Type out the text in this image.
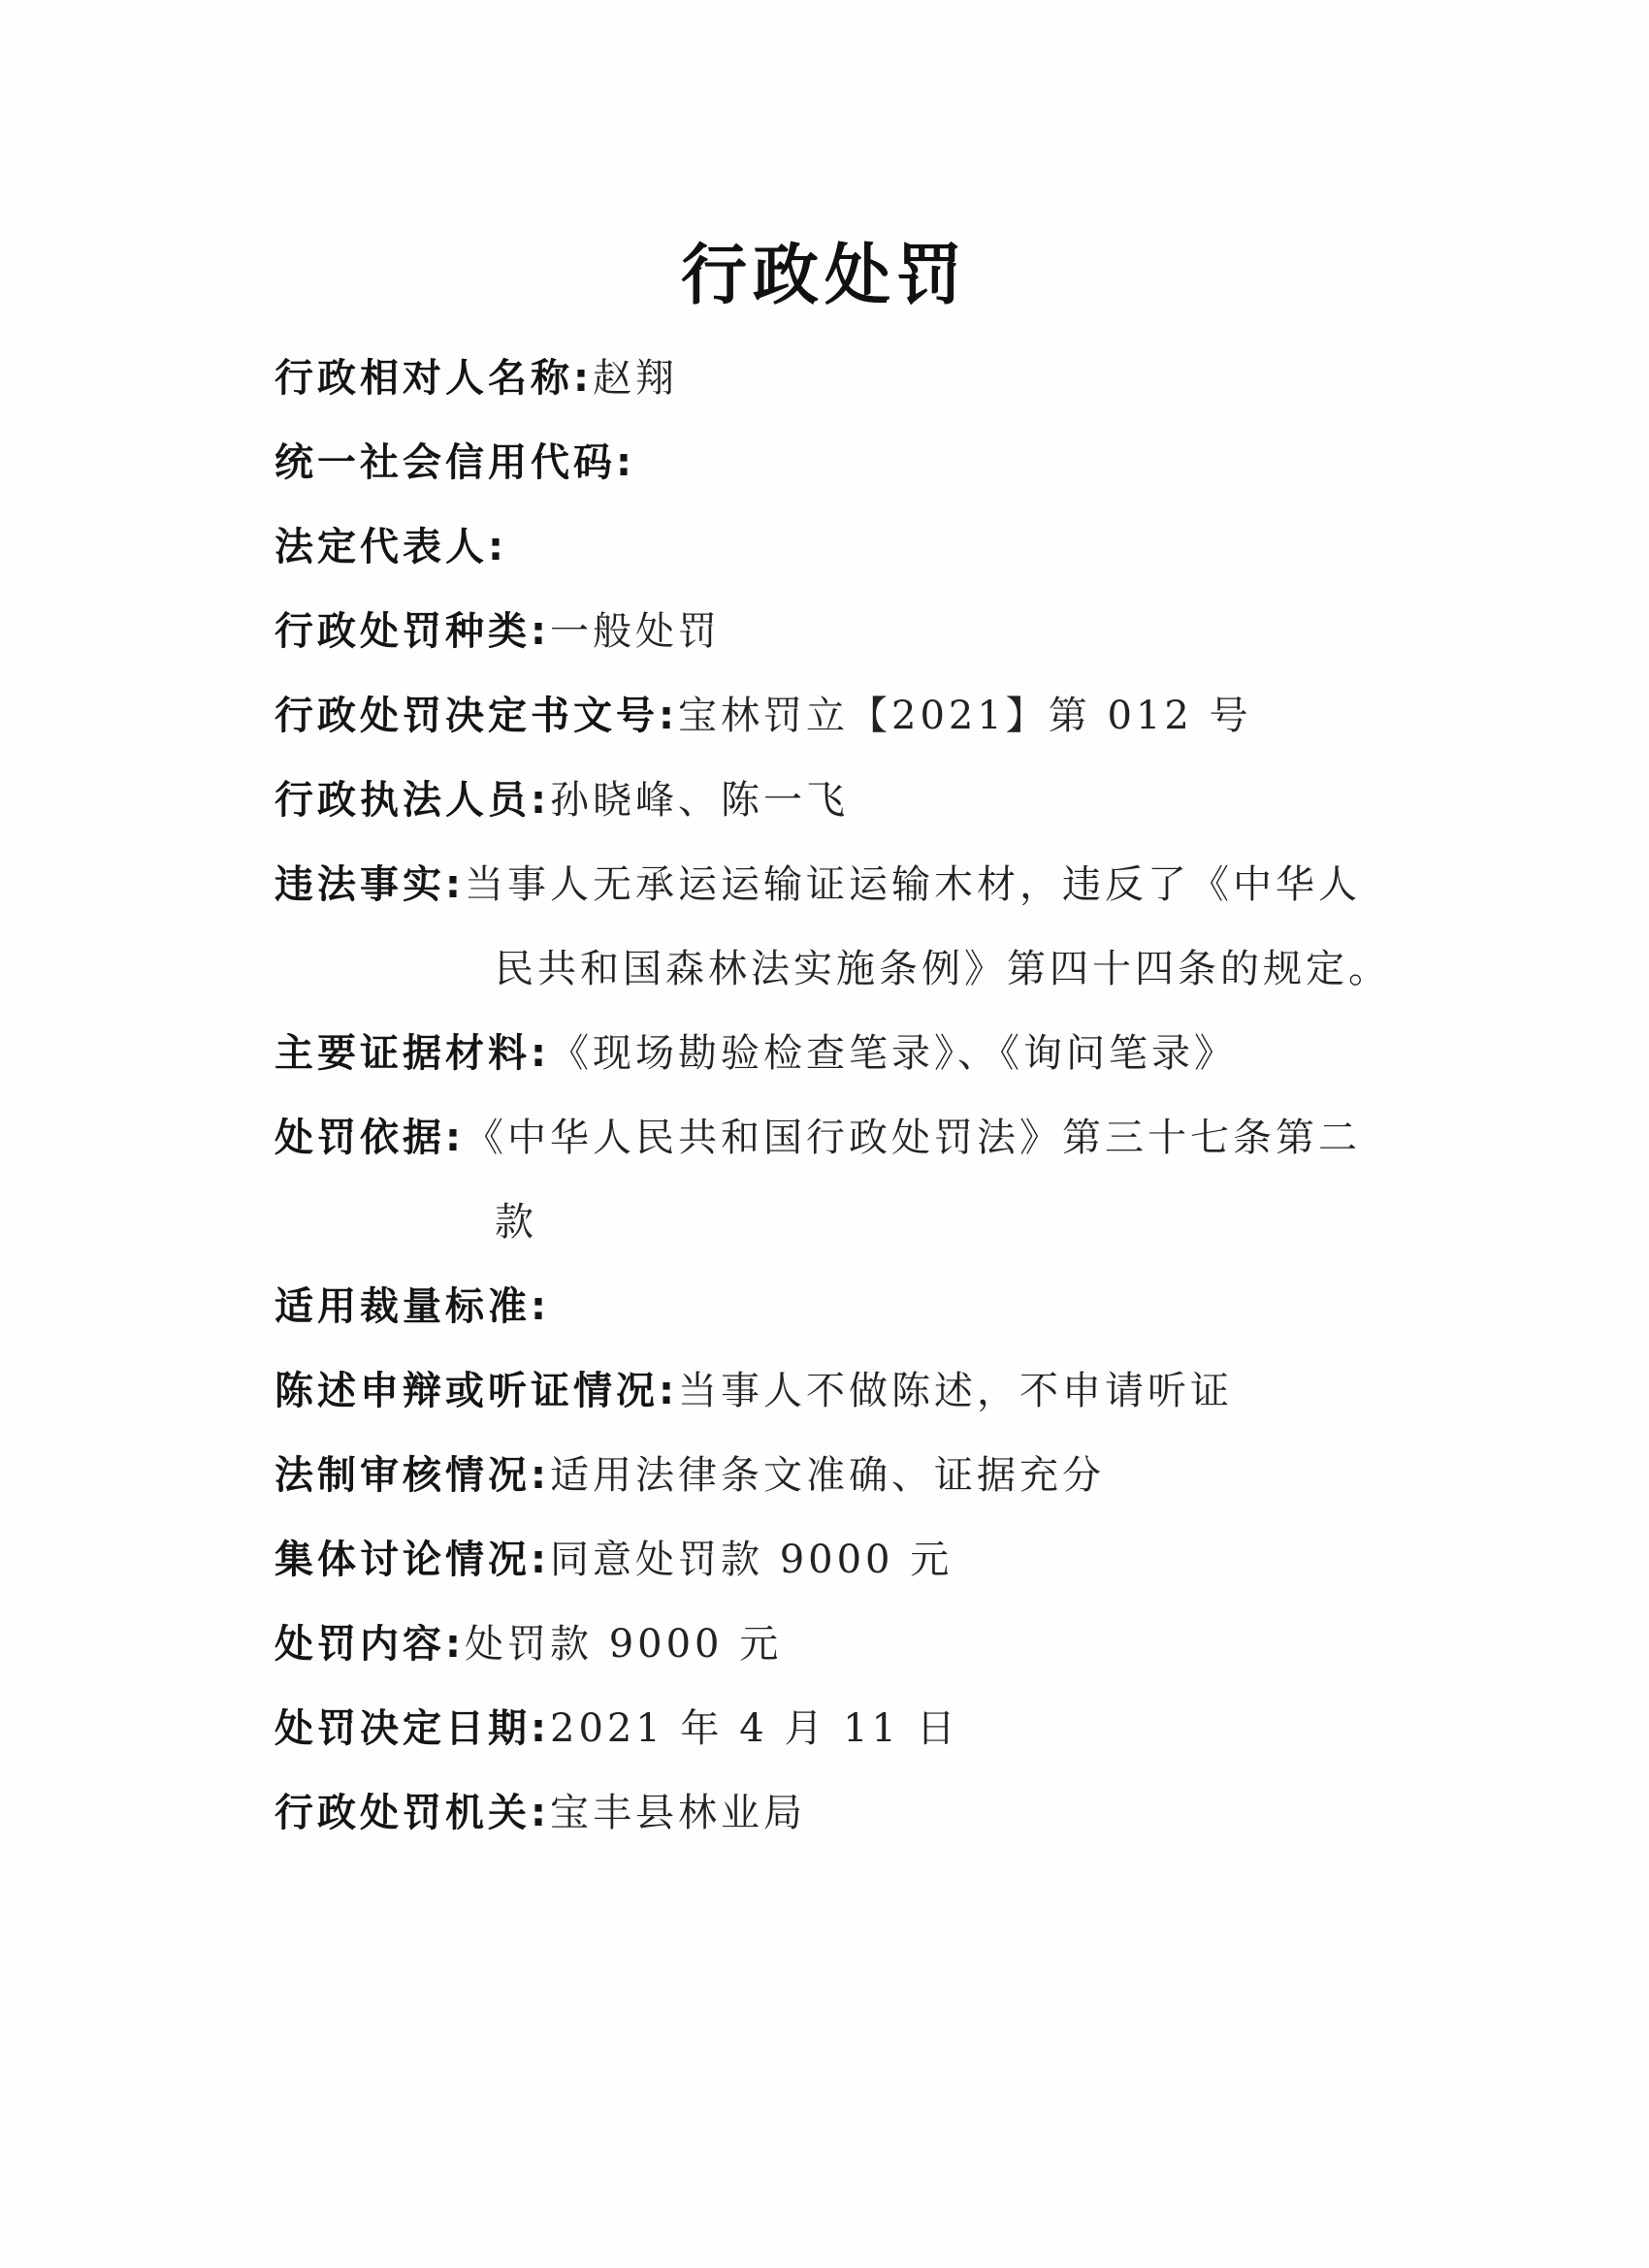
行政处罚
行政相对人名称:赵翔
统一社会信用代码:
法定代表人:
行政处罚种类:一般处罚
行政处罚决定书文号:宝林罚立【2021】第 012 号
行政执法人员:孙晓峰、陈一飞
违法事实:当事人无承运运输证运输木材，违反了《中华人
民共和国森林法实施条例》第四十四条的规定。
主要证据材料:《现场勘验检查笔录》、《询问笔录》
处罚依据:《中华人民共和国行政处罚法》第三十七条第二
款
适用裁量标准:
陈述申辩或听证情况:当事人不做陈述，不申请听证
法制审核情况:适用法律条文准确、证据充分
集体讨论情况:同意处罚款 9000 元
处罚内容:处罚款 9000 元
处罚决定日期:2021 年 4 月 11 日
行政处罚机关:宝丰县林业局
